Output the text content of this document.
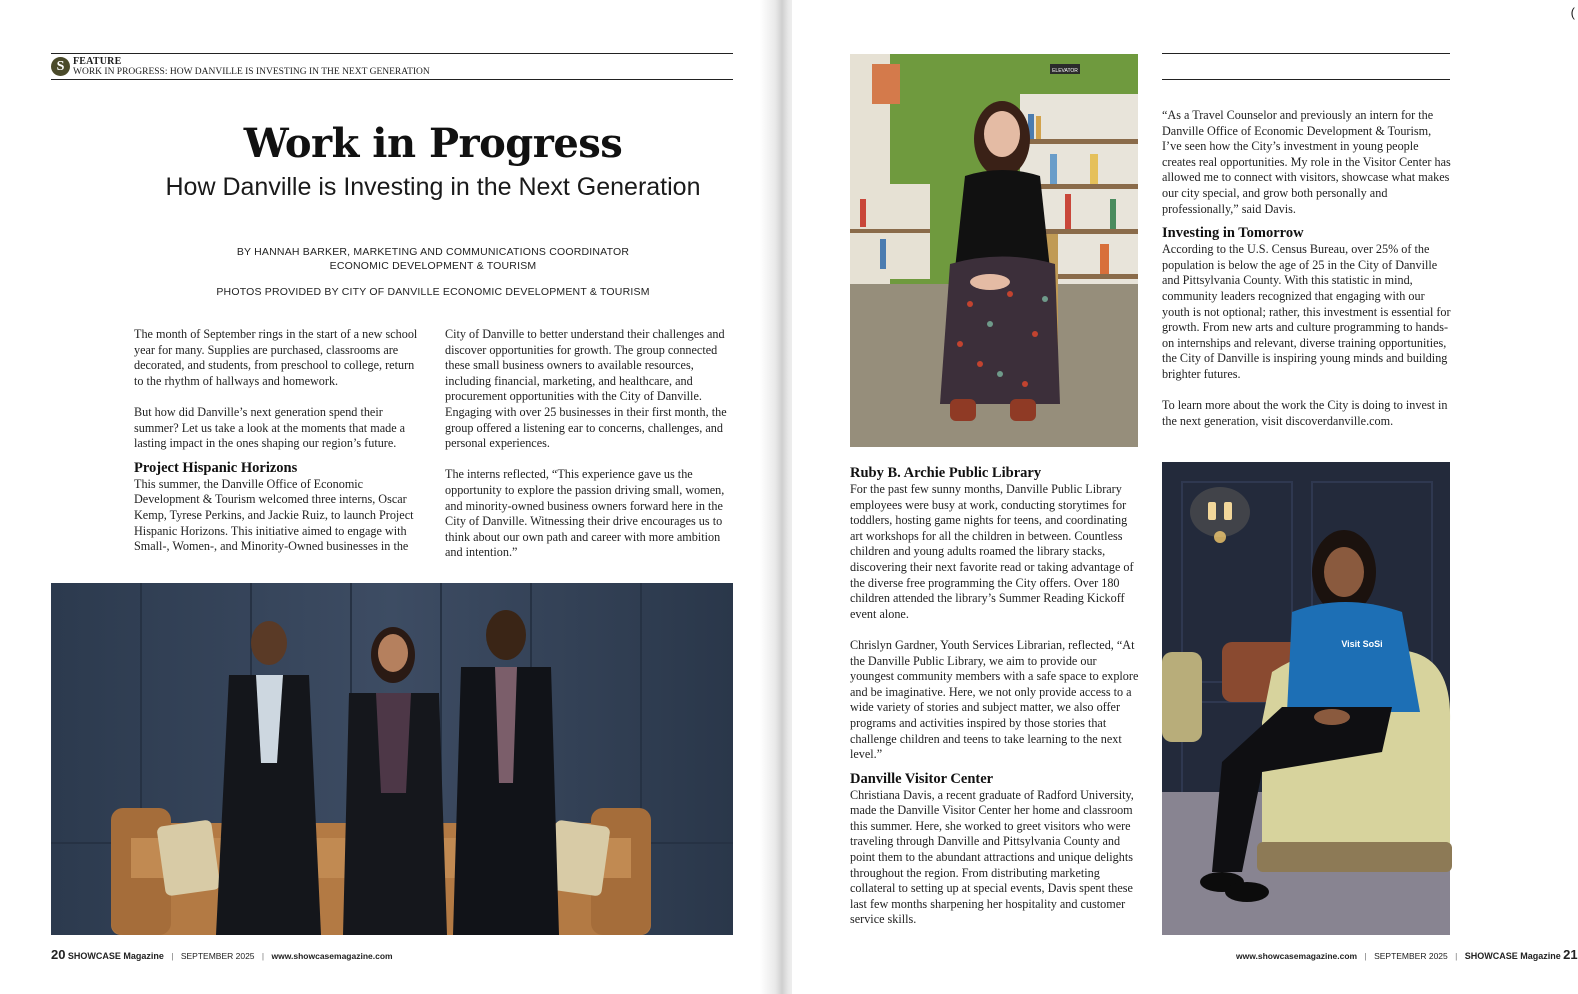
S FEATURE
WORK IN PROGRESS: HOW DANVILLE IS INVESTING IN THE NEXT GENERATION
Work in Progress
How Danville is Investing in the Next Generation
BY HANNAH BARKER, MARKETING AND COMMUNICATIONS COORDINATOR
ECONOMIC DEVELOPMENT & TOURISM
PHOTOS PROVIDED BY CITY OF DANVILLE ECONOMIC DEVELOPMENT & TOURISM

The month of September rings in the start of a new school year for many. Supplies are purchased, classrooms are decorated, and students, from preschool to college, return to the rhythm of hallways and homework.

But how did Danville’s next generation spend their summer? Let us take a look at the moments that made a lasting impact in the ones shaping our region’s future.

Project Hispanic Horizons

This summer, the Danville Office of Economic Development & Tourism welcomed three interns, Oscar Kemp, Tyrese Perkins, and Jackie Ruiz, to launch Project Hispanic Horizons. This initiative aimed to engage with Small-, Women-, and Minority-Owned businesses in the

City of Danville to better understand their challenges and discover opportunities for growth. The group connected these small business owners to available resources, including financial, marketing, and healthcare, and procurement opportunities with the City of Danville. Engaging with over 25 businesses in their first month, the group offered a listening ear to concerns, challenges, and personal experiences.

The interns reflected, “This experience gave us the opportunity to explore the passion driving small, women, and minority-owned business owners forward here in the City of Danville. Witnessing their drive encourages us to think about our own path and career with more ambition and intention.”

20 SHOWCASE Magazine | SEPTEMBER 2025 | www.showcasemagazine.com
ELEVATOR
Ruby B. Archie Public Library

For the past few sunny months, Danville Public Library employees were busy at work, conducting storytimes for toddlers, hosting game nights for teens, and coordinating art workshops for all the children in between. Countless children and young adults roamed the library stacks, discovering their next favorite read or taking advantage of the diverse free programming the City offers. Over 180 children attended the library’s Summer Reading Kickoff event alone.

Chrislyn Gardner, Youth Services Librarian, reflected, “At the Danville Public Library, we aim to provide our youngest community members with a safe space to explore and be imaginative. Here, we not only provide access to a wide variety of stories and subject matter, we also offer programs and activities inspired by those stories that challenge children and teens to take learning to the next level.”

Danville Visitor Center

Christiana Davis, a recent graduate of Radford University, made the Danville Visitor Center her home and classroom this summer. Here, she worked to greet visitors who were traveling through Danville and Pittsylvania County and point them to the abundant attractions and unique delights throughout the region. From distributing marketing collateral to setting up at special events, Davis spent these last few months sharpening her hospitality and customer service skills.

“As a Travel Counselor and previously an intern for the Danville Office of Economic Development & Tourism, I’ve seen how the City’s investment in young people creates real opportunities. My role in the Visitor Center has allowed me to connect with visitors, showcase what makes our city special, and grow both personally and professionally,” said Davis.

Investing in Tomorrow

According to the U.S. Census Bureau, over 25% of the population is below the age of 25 in the City of Danville and Pittsylvania County. With this statistic in mind, community leaders recognized that engaging with our youth is not optional; rather, this investment is essential for growth. From new arts and culture programming to hands-on internships and relevant, diverse training opportunities, the City of Danville is inspiring young minds and building brighter futures.

To learn more about the work the City is doing to invest in the next generation, visit discoverdanville.com.

Visit SoSi
www.showcasemagazine.com | SEPTEMBER 2025 | SHOWCASE Magazine 21
(
